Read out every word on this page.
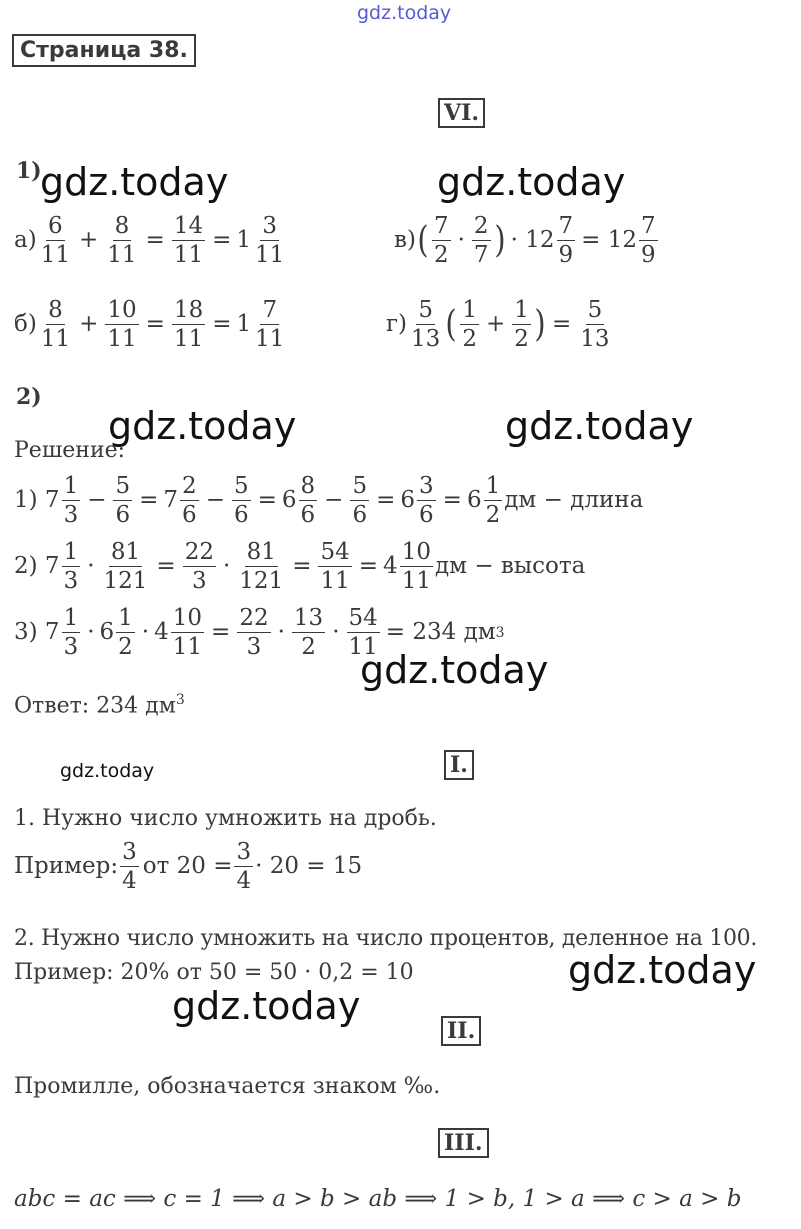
gdz.today
gdz.today	gdz.today
gdz.today	gdz.today
gdz.today
gdz.today
gdz.today
gdz.today
Страница 38.
VI.
1)
$а) \frac{6}{11} + \frac{8}{11} = \frac{14}{11} = 1 \frac{3}{11}$
$б) \frac{8}{11} + \frac{10}{11} = \frac{18}{11} = 1 \frac{7}{11}$
в) ( $\frac{7}{2} \cdot \frac{2}{7}$ ) · $12 \frac{7}{9} = 12 \frac{7}{9}$
$г) \frac{5}{13}$ ( $\frac{1}{2} + \frac{1}{2}$ ) = $\frac{5}{13}$
2)
Решение:
1) $7 \frac{1}{3} - \frac{5}{6} = 7 \frac{2}{6} - \frac{5}{6} = 6 \frac{8}{6} - \frac{5}{6} = 6 \frac{3}{6} = 6 \frac{1}{2}$ дм − длина
2) $7 \frac{1}{3} \cdot \frac{81}{121} = \frac{22}{3} \cdot \frac{81}{121} = \frac{54}{11} = 4 \frac{10}{11}$ дм − высота
3) $7 \frac{1}{3} \cdot 6 \frac{1}{2} \cdot 4 \frac{10}{11} = \frac{22}{3} \cdot \frac{13}{2} \cdot \frac{54}{11} = 234$ дм 3
Ответ: 234 $дм^3$
I.
1. Нужно число умножить на дробь.
Пример: $\frac{3}{4}$ от $20 = \frac{3}{4} \cdot 20 = 15$
2. Нужно число умножить на число процентов, деленное на 100.
Пример: 20% от 50 = 50 · 0,2 = 10
II.
Промилле, обозначается знаком ‰.
III.
abc = ac ⟹ c = 1 ⟹ a > b > ab ⟹ 1 > b, 1 > a ⟹ c > a > b
